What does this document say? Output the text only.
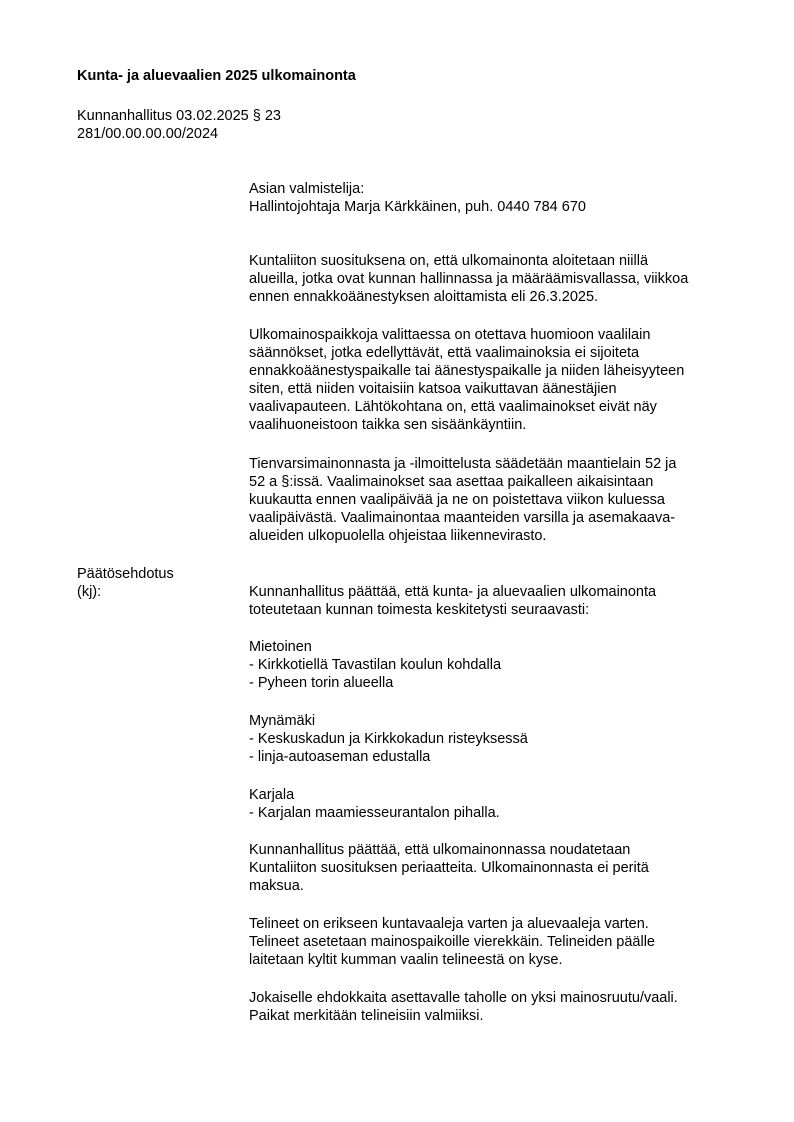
Kunta- ja aluevaalien 2025 ulkomainonta
Kunnanhallitus 03.02.2025 § 23
281/00.00.00.00/2024
Asian valmistelija:
Hallintojohtaja Marja Kärkkäinen, puh. 0440 784 670
Kuntaliiton suosituksena on, että ulkomainonta aloitetaan niillä
alueilla, jotka ovat kunnan hallinnassa ja määräämisvallassa, viikkoa
ennen ennakkoäänestyksen aloittamista eli 26.3.2025.
Ulkomainospaikkoja valittaessa on otettava huomioon vaalilain
säännökset, jotka edellyttävät, että vaalimainoksia ei sijoiteta
ennakkoäänestyspaikalle tai äänestyspaikalle ja niiden läheisyyteen
siten, että niiden voitaisiin katsoa vaikuttavan äänestäjien
vaalivapauteen. Lähtökohtana on, että vaalimainokset eivät näy
vaalihuoneistoon taikka sen sisäänkäyntiin.
Tienvarsimainonnasta ja -ilmoittelusta säädetään maantielain 52 ja
52 a §:issä. Vaalimainokset saa asettaa paikalleen aikaisintaan
kuukautta ennen vaalipäivää ja ne on poistettava viikon kuluessa
vaalipäivästä. Vaalimainontaa maanteiden varsilla ja asemakaava-
alueiden ulkopuolella ohjeistaa liikennevirasto.
Päätösehdotus
(kj):	Kunnanhallitus päättää, että kunta- ja aluevaalien ulkomainonta
toteutetaan kunnan toimesta keskitetysti seuraavasti:
Mietoinen
- Kirkkotiellä Tavastilan koulun kohdalla
- Pyheen torin alueella
Mynämäki
- Keskuskadun ja Kirkkokadun risteyksessä
- linja-autoaseman edustalla
Karjala
- Karjalan maamiesseurantalon pihalla.
Kunnanhallitus päättää, että ulkomainonnassa noudatetaan
Kuntaliiton suosituksen periaatteita. Ulkomainonnasta ei peritä
maksua.
Telineet on erikseen kuntavaaleja varten ja aluevaaleja varten.
Telineet asetetaan mainospaikoille vierekkäin. Telineiden päälle
laitetaan kyltit kumman vaalin telineestä on kyse.
Jokaiselle ehdokkaita asettavalle taholle on yksi mainosruutu/vaali.
Paikat merkitään telineisiin valmiiksi.
